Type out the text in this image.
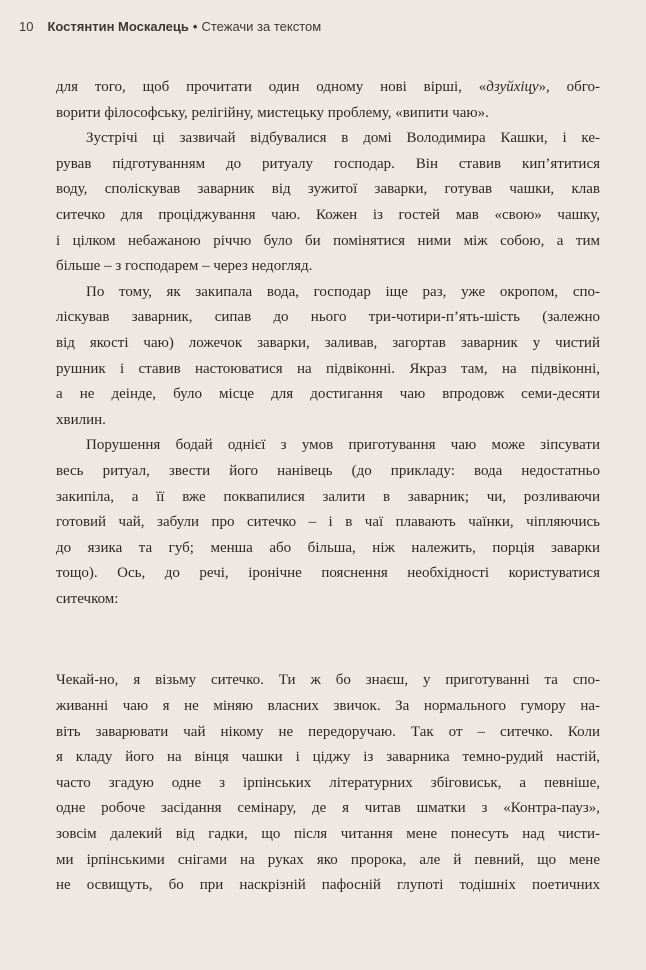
10 Костянтин Москалець • Стежачи за текстом
для того, щоб прочитати один одному нові вірші, «дзуйхіцу», обго-
ворити філософську, релігійну, мистецьку проблему, «випити чаю».
Зустрічі ці зазвичай відбувалися в домі Володимира Кашки, і ке-
рував підготуванням до ритуалу господар. Він ставив кип’ятитися
воду, споліскував заварник від зужитої заварки, готував чашки, клав
ситечко для проціджування чаю. Кожен із гостей мав «свою» чашку,
і цілком небажаною річчю було би помінятися ними між собою, а тим
більше – з господарем – через недогляд.
По тому, як закипала вода, господар іще раз, уже окропом, спо-
ліскував заварник, сипав до нього три-чотири-п’ять-шість (залежно
від якості чаю) ложечок заварки, заливав, загортав заварник у чистий
рушник і ставив настоюватися на підвіконні. Якраз там, на підвіконні,
а не деінде, було місце для достигання чаю впродовж семи-десяти
хвилин.
Порушення бодай однієї з умов приготування чаю може зіпсувати
весь ритуал, звести його нанівець (до прикладу: вода недостатньо
закипіла, а її вже поквапилися залити в заварник; чи, розливаючи
готовий чай, забули про ситечко – і в чаї плавають чаїнки, чіпляючись
до язика та губ; менша або більша, ніж належить, порція заварки
тощо). Ось, до речі, іронічне пояснення необхідності користуватися
ситечком:
Чекай-но, я візьму ситечко. Ти ж бо знаєш, у приготуванні та спо-
живанні чаю я не міняю власних звичок. За нормального гумору на-
віть заварювати чай нікому не передоручаю. Так от – ситечко. Коли
я кладу його на вінця чашки і ціджу із заварника темно-рудий настій,
часто згадую одне з ірпінських літературних збіговиськ, а певніше,
одне робоче засідання семінару, де я читав шматки з «Контра-пауз»,
зовсім далекий від гадки, що після читання мене понесуть над чисти-
ми ірпінськими снігами на руках яко пророка, але й певний, що мене
не освищуть, бо при наскрізній пафосній глупоті тодішніх поетичних
